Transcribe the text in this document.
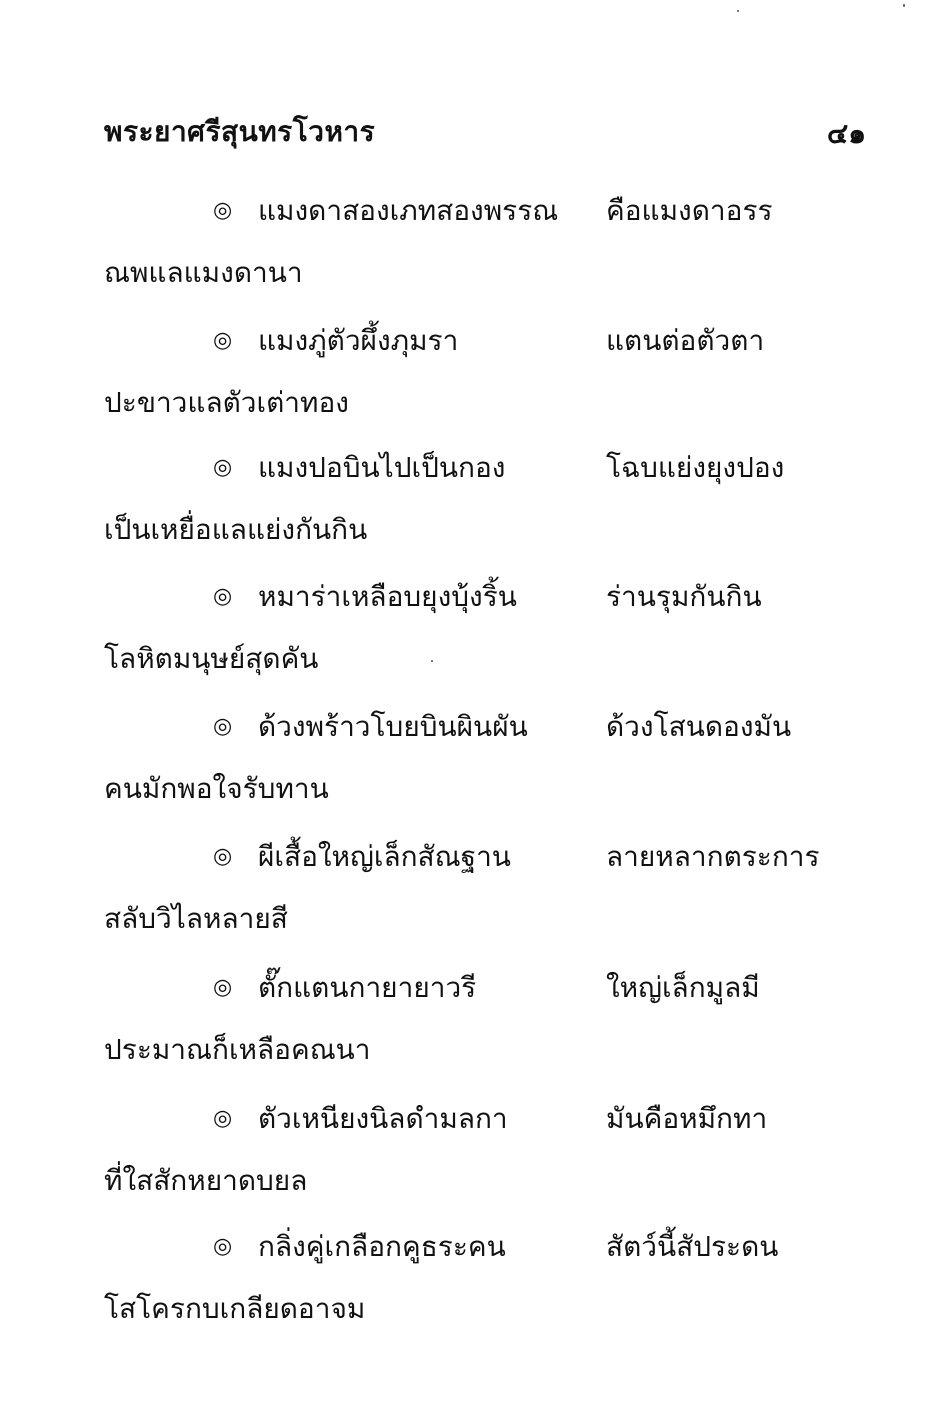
พระยาศรีสุนทรโวหาร	๔๑
◎ แมงดาสองเภทสองพรรณ คือแมงดาอรร
ณพแลแมงดานา
◎ แมงภู่ตัวผึ้งภุมรา	แตนต่อตัวตา
ปะขาวแลตัวเต่าทอง
◎ แมงปอบินไปเป็นกอง	โฉบแย่งยุงปอง
เป็นเหยื่อแลแย่งกันกิน
◎ หมาร่าเหลือบยุงบุ้งริ้น	ร่านรุมกันกิน
โลหิตมนุษย์สุดคัน
◎ ด้วงพร้าวโบยบินผินผัน	ด้วงโสนดองมัน
คนมักพอใจรับทาน
◎ ผีเสื้อใหญ่เล็กสัณฐาน	ลายหลากตระการ
สลับวิไลหลายสี
◎ ตั๊กแตนกายายาวรี	ใหญ่เล็กมูลมี
ประมาณก็เหลือคณนา
◎ ตัวเหนียงนิลดำมลกา	มันคือหมึกทา
ที่ใสสักหยาดบยล
◎ กลิ่งคู่เกลือกคูธระคน	สัตว์นี้สัประดน
โสโครกบเกลียดอาจม
